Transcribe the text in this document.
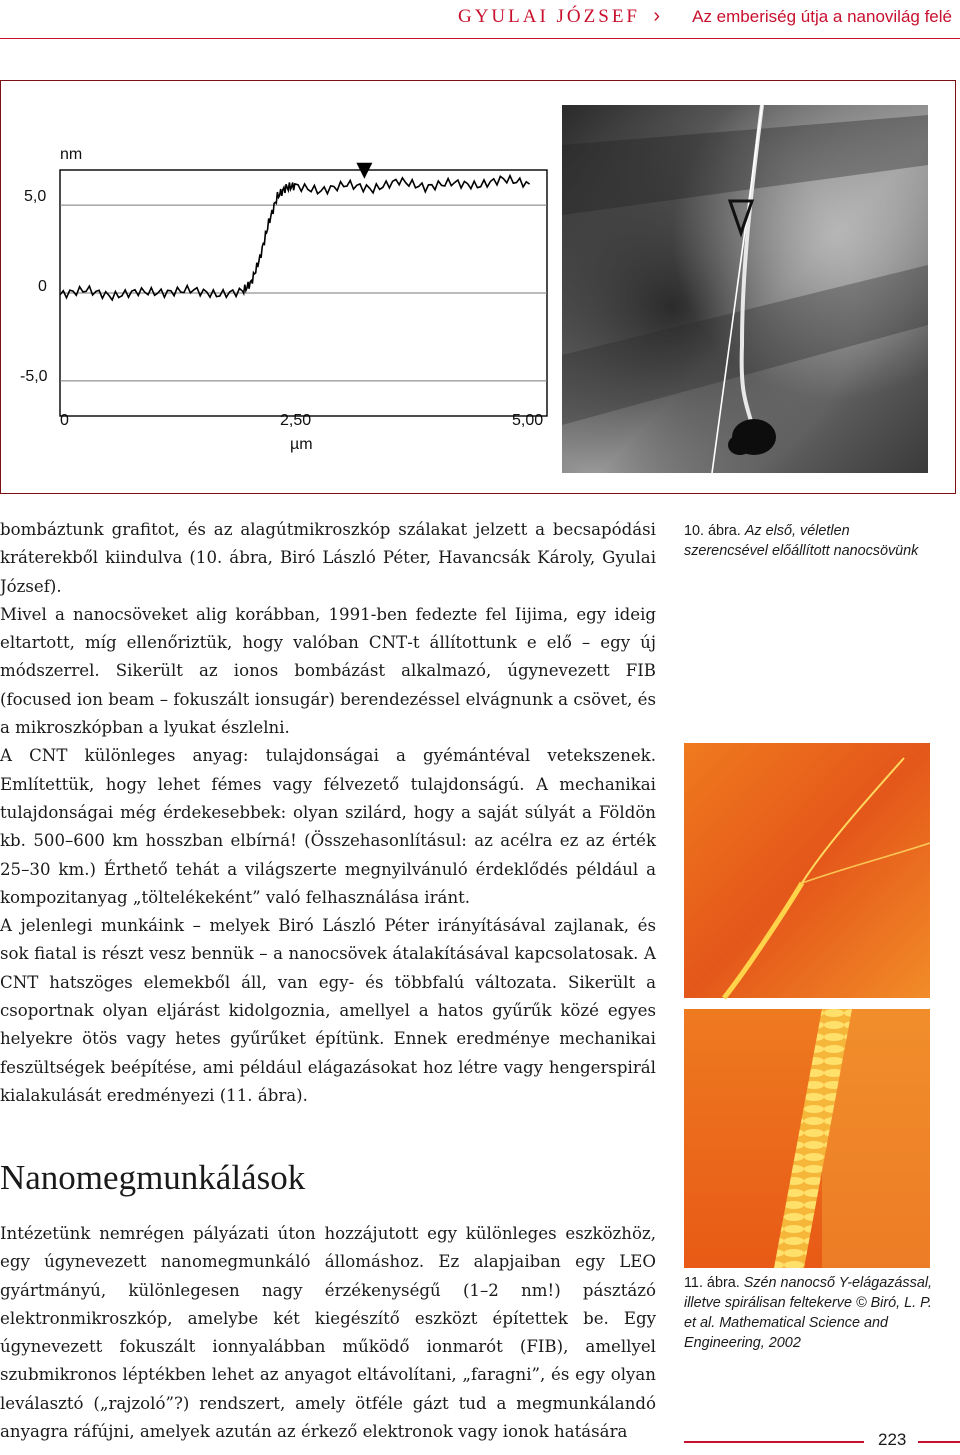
GYULAI JÓZSEF › Az emberiség útja a nanovilág felé
nm
5,0
0
-5,0
0	2,50	5,00
µm
10. ábra. Az első, véletlen szerencsével előállított nanocsövünk

bombáztunk grafitot, és az alagútmikroszkóp szálakat jelzett a becsapódási kráterekből kiindulva (10. ábra, Biró László Péter, Havancsák Károly, Gyulai József).

Mivel a nanocsöveket alig korábban, 1991-ben fedezte fel Iijima, egy ideig eltartott, míg ellenőriztük, hogy valóban CNT-t állítottunk e elő – egy új módszerrel. Sikerült az ionos bombázást alkalmazó, úgynevezett FIB (focused ion beam – fokuszált ionsugár) berendezéssel elvágnunk a csövet, és a mikroszkópban a lyukat észlelni.

A CNT különleges anyag: tulajdonságai a gyémántéval vetekszenek. Említettük, hogy lehet fémes vagy félvezető tulajdonságú. A mechanikai tulajdonságai még érdekesebbek: olyan szilárd, hogy a saját súlyát a Földön kb. 500–600 km hosszban elbírná! (Összehasonlításul: az acélra ez az érték 25–30 km.) Érthető tehát a világszerte megnyilvánuló érdeklődés például a kompozitanyag „töltelékeként” való felhasználása iránt.

A jelenlegi munkáink – melyek Biró László Péter irányításával zajlanak, és sok fiatal is részt vesz bennük – a nanocsövek átalakításával kapcsolatosak. A CNT hatszöges elemekből áll, van egy- és többfalú változata. Sikerült a csoportnak olyan eljárást kidolgoznia, amellyel a hatos gyűrűk közé egyes helyekre ötös vagy hetes gyűrűket építünk. Ennek eredménye mechanikai feszültségek beépítése, ami például elágazásokat hoz létre vagy hengerspirál kialakulását eredményezi (11. ábra).

Nanomegmunkálások

Intézetünk nemrégen pályázati úton hozzájutott egy különleges eszközhöz, egy úgynevezett nanomegmunkáló állomáshoz. Ez alapjaiban egy LEO gyártmányú, különlegesen nagy érzékenységű (1–2 nm!) pásztázó elektronmikroszkóp, amelybe két kiegészítő eszközt építettek be. Egy úgynevezett fokuszált ionnyalábban működő ionmarót (FIB), amellyel szubmikronos léptékben lehet az anyagot eltávolítani, „faragni”, és egy olyan leválasztó („rajzoló”?) rendszert, amely ötféle gázt tud a megmunkálandó anyagra ráfújni, amelyek azután az érkező elektronok vagy ionok hatására

11. ábra. Szén nanocső Y-elágazással, illetve spirálisan feltekerve © Biró, L. P. et al. Mathematical Science and Engineering, 2002
223
